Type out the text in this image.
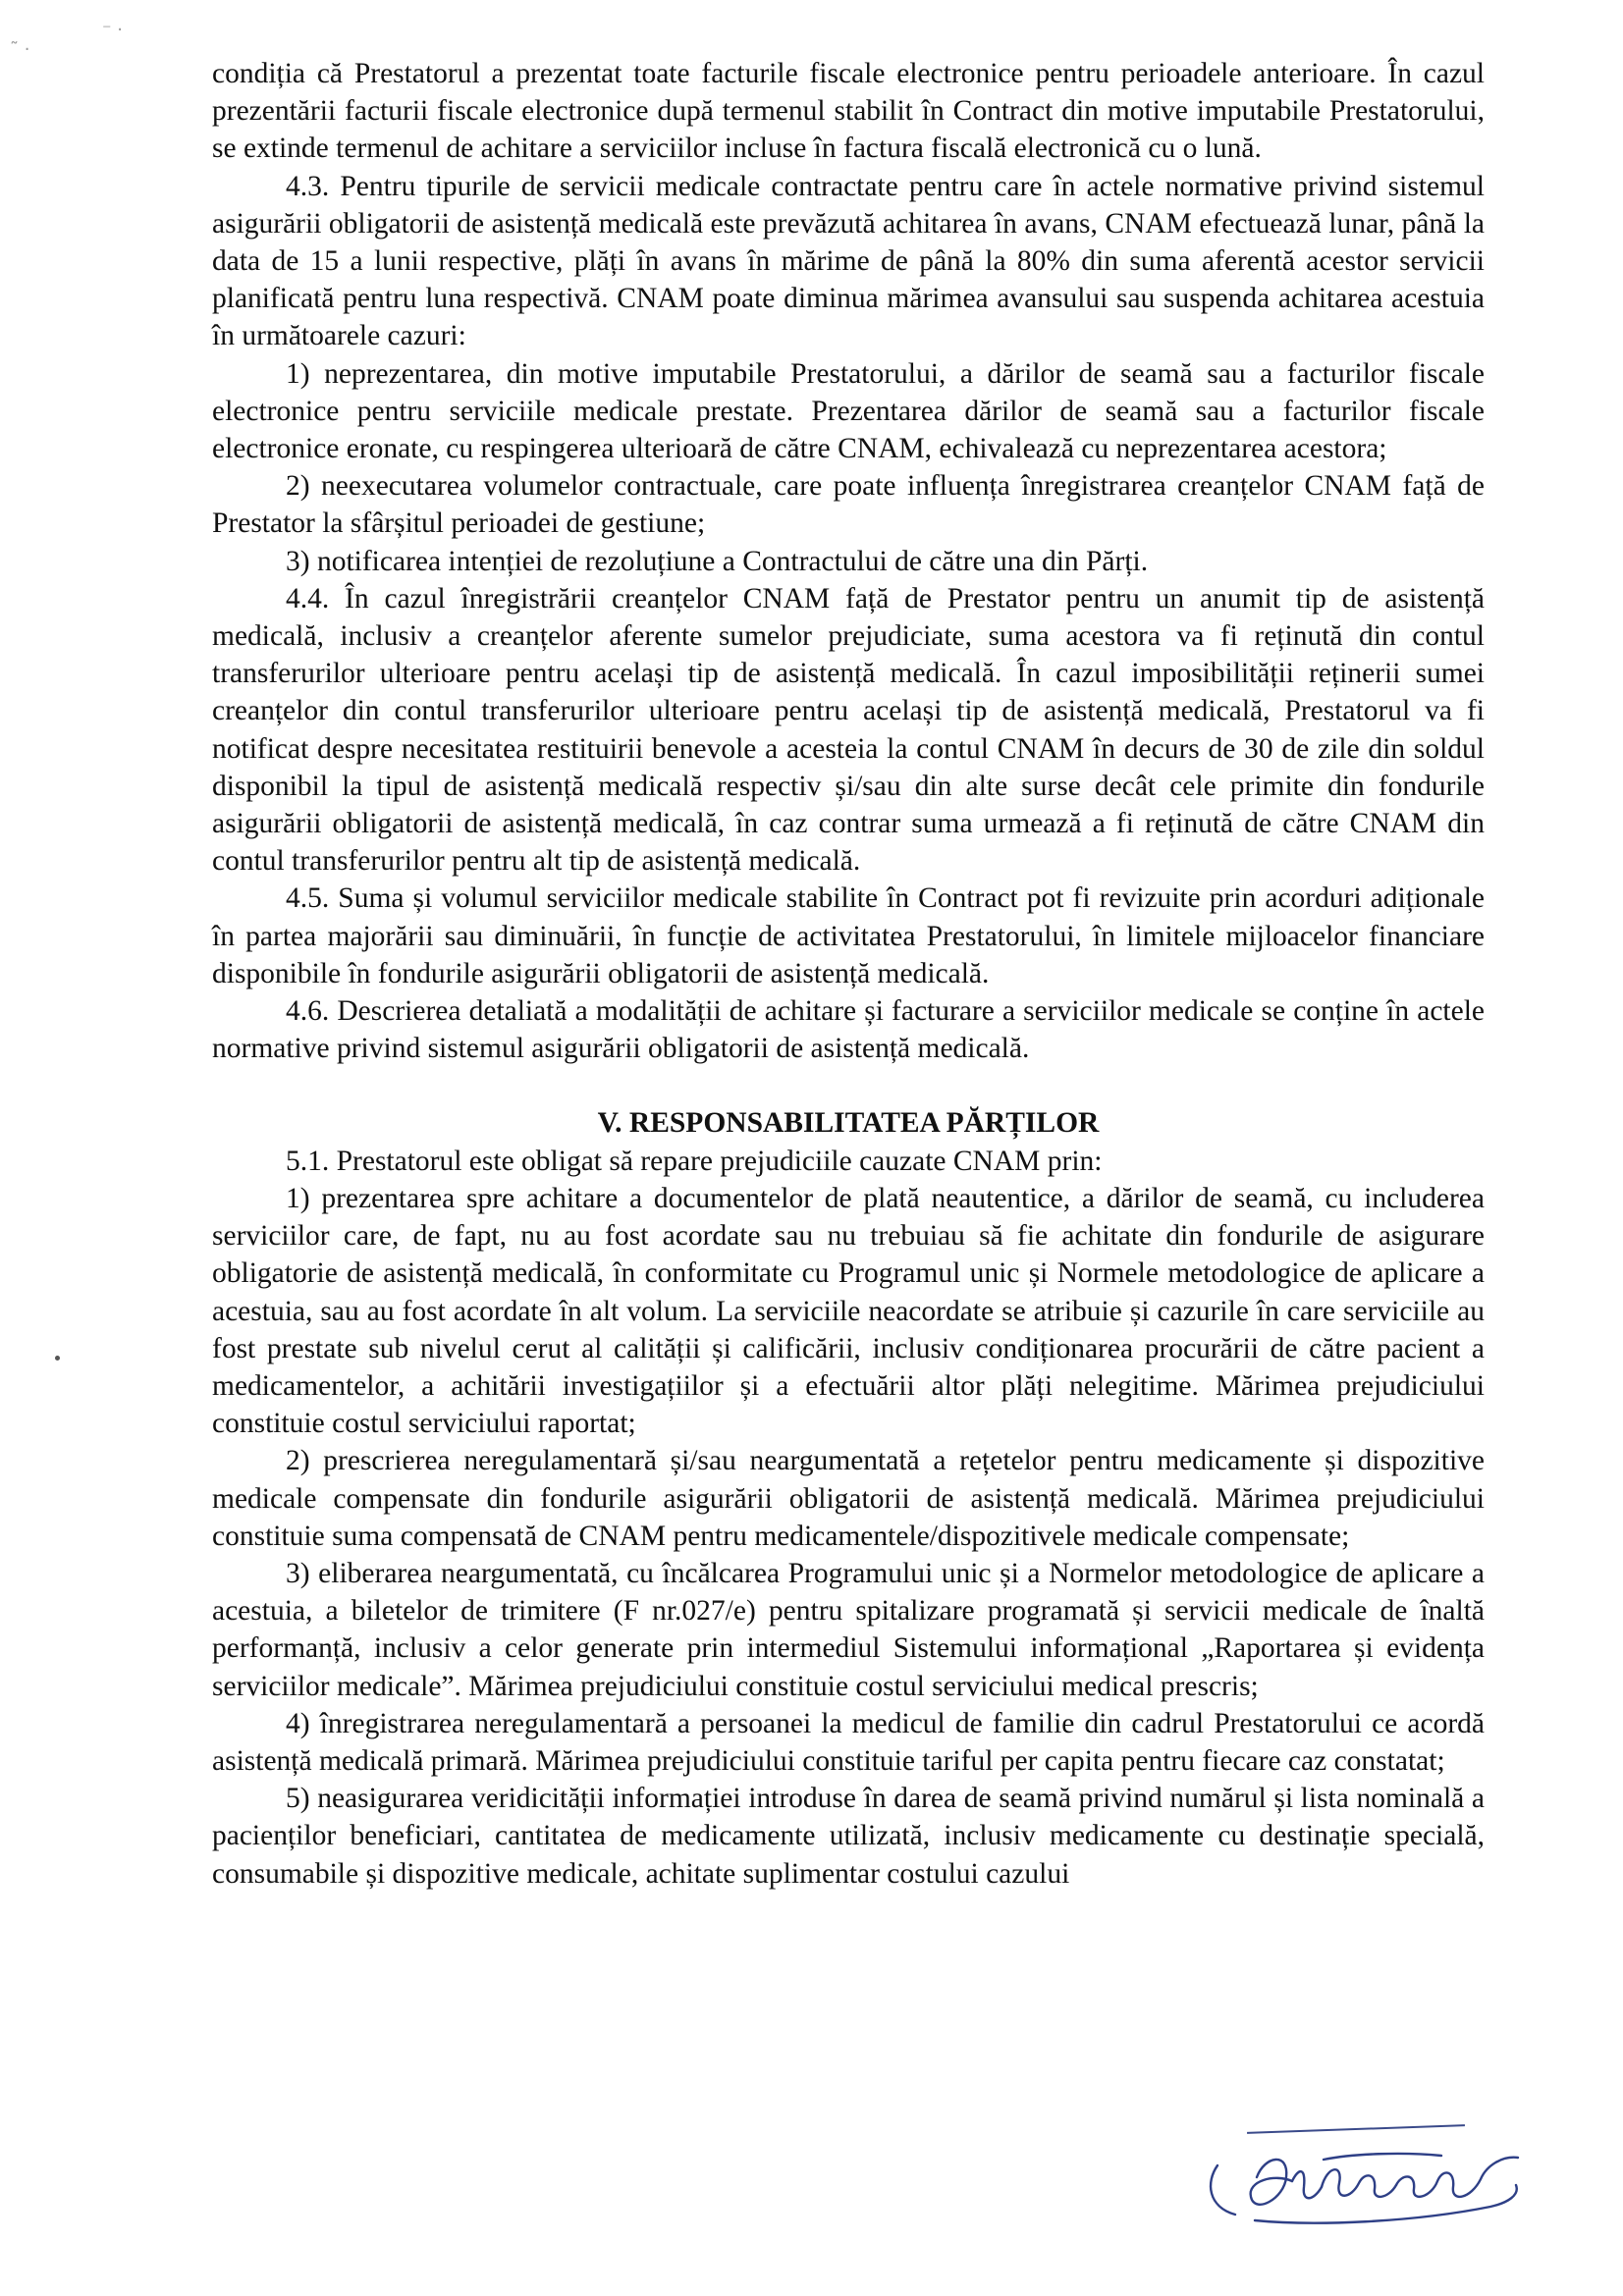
˜ ·
⁻ ·

condiția că Prestatorul a prezentat toate facturile fiscale electronice pentru perioadele anterioare. În cazul prezentării facturii fiscale electronice după termenul stabilit în Contract din motive imputabile Prestatorului, se extinde termenul de achitare a serviciilor incluse în factura fiscală electronică cu o lună.

4.3. Pentru tipurile de servicii medicale contractate pentru care în actele normative privind sistemul asigurării obligatorii de asistență medicală este prevăzută achitarea în avans, CNAM efectuează lunar, până la data de 15 a lunii respective, plăți în avans în mărime de până la 80% din suma aferentă acestor servicii planificată pentru luna respectivă. CNAM poate diminua mărimea avansului sau suspenda achitarea acestuia în următoarele cazuri:

1) neprezentarea, din motive imputabile Prestatorului, a dărilor de seamă sau a facturilor fiscale electronice pentru serviciile medicale prestate. Prezentarea dărilor de seamă sau a facturilor fiscale electronice eronate, cu respingerea ulterioară de către CNAM, echivalează cu neprezentarea acestora;

2) neexecutarea volumelor contractuale, care poate influența înregistrarea creanțelor CNAM față de Prestator la sfârșitul perioadei de gestiune;

3) notificarea intenției de rezoluțiune a Contractului de către una din Părți.

4.4. În cazul înregistrării creanțelor CNAM față de Prestator pentru un anumit tip de asistență medicală, inclusiv a creanțelor aferente sumelor prejudiciate, suma acestora va fi reținută din contul transferurilor ulterioare pentru același tip de asistență medicală. În cazul imposibilității reținerii sumei creanțelor din contul transferurilor ulterioare pentru același tip de asistență medicală, Prestatorul va fi notificat despre necesitatea restituirii benevole a acesteia la contul CNAM în decurs de 30 de zile din soldul disponibil la tipul de asistență medicală respectiv și/sau din alte surse decât cele primite din fondurile asigurării obligatorii de asistență medicală, în caz contrar suma urmează a fi reținută de către CNAM din contul transferurilor pentru alt tip de asistență medicală.

4.5. Suma și volumul serviciilor medicale stabilite în Contract pot fi revizuite prin acorduri adiționale în partea majorării sau diminuării, în funcție de activitatea Prestatorului, în limitele mijloacelor financiare disponibile în fondurile asigurării obligatorii de asistență medicală.

4.6. Descrierea detaliată a modalității de achitare și facturare a serviciilor medicale se conține în actele normative privind sistemul asigurării obligatorii de asistență medicală.

V. RESPONSABILITATEA PĂRȚILOR

5.1. Prestatorul este obligat să repare prejudiciile cauzate CNAM prin:

1) prezentarea spre achitare a documentelor de plată neautentice, a dărilor de seamă, cu includerea serviciilor care, de fapt, nu au fost acordate sau nu trebuiau să fie achitate din fondurile de asigurare obligatorie de asistență medicală, în conformitate cu Programul unic și Normele metodologice de aplicare a acestuia, sau au fost acordate în alt volum. La serviciile neacordate se atribuie și cazurile în care serviciile au fost prestate sub nivelul cerut al calității și calificării, inclusiv condiționarea procurării de către pacient a medicamentelor, a achitării investigațiilor și a efectuării altor plăți nelegitime. Mărimea prejudiciului constituie costul serviciului raportat;

2) prescrierea neregulamentară și/sau neargumentată a rețetelor pentru medicamente și dispozitive medicale compensate din fondurile asigurării obligatorii de asistență medicală. Mărimea prejudiciului constituie suma compensată de CNAM pentru medicamentele/dispozitivele medicale compensate;

3) eliberarea neargumentată, cu încălcarea Programului unic și a Normelor metodologice de aplicare a acestuia, a biletelor de trimitere (F nr.027/e) pentru spitalizare programată și servicii medicale de înaltă performanță, inclusiv a celor generate prin intermediul Sistemului informațional „Raportarea și evidența serviciilor medicale”. Mărimea prejudiciului constituie costul serviciului medical prescris;

4) înregistrarea neregulamentară a persoanei la medicul de familie din cadrul Prestatorului ce acordă asistență medicală primară. Mărimea prejudiciului constituie tariful per capita pentru fiecare caz constatat;

5) neasigurarea veridicității informației introduse în darea de seamă privind numărul și lista nominală a pacienților beneficiari, cantitatea de medicamente utilizată, inclusiv medicamente cu destinație specială, consumabile și dispozitive medicale, achitate suplimentar costului cazului
